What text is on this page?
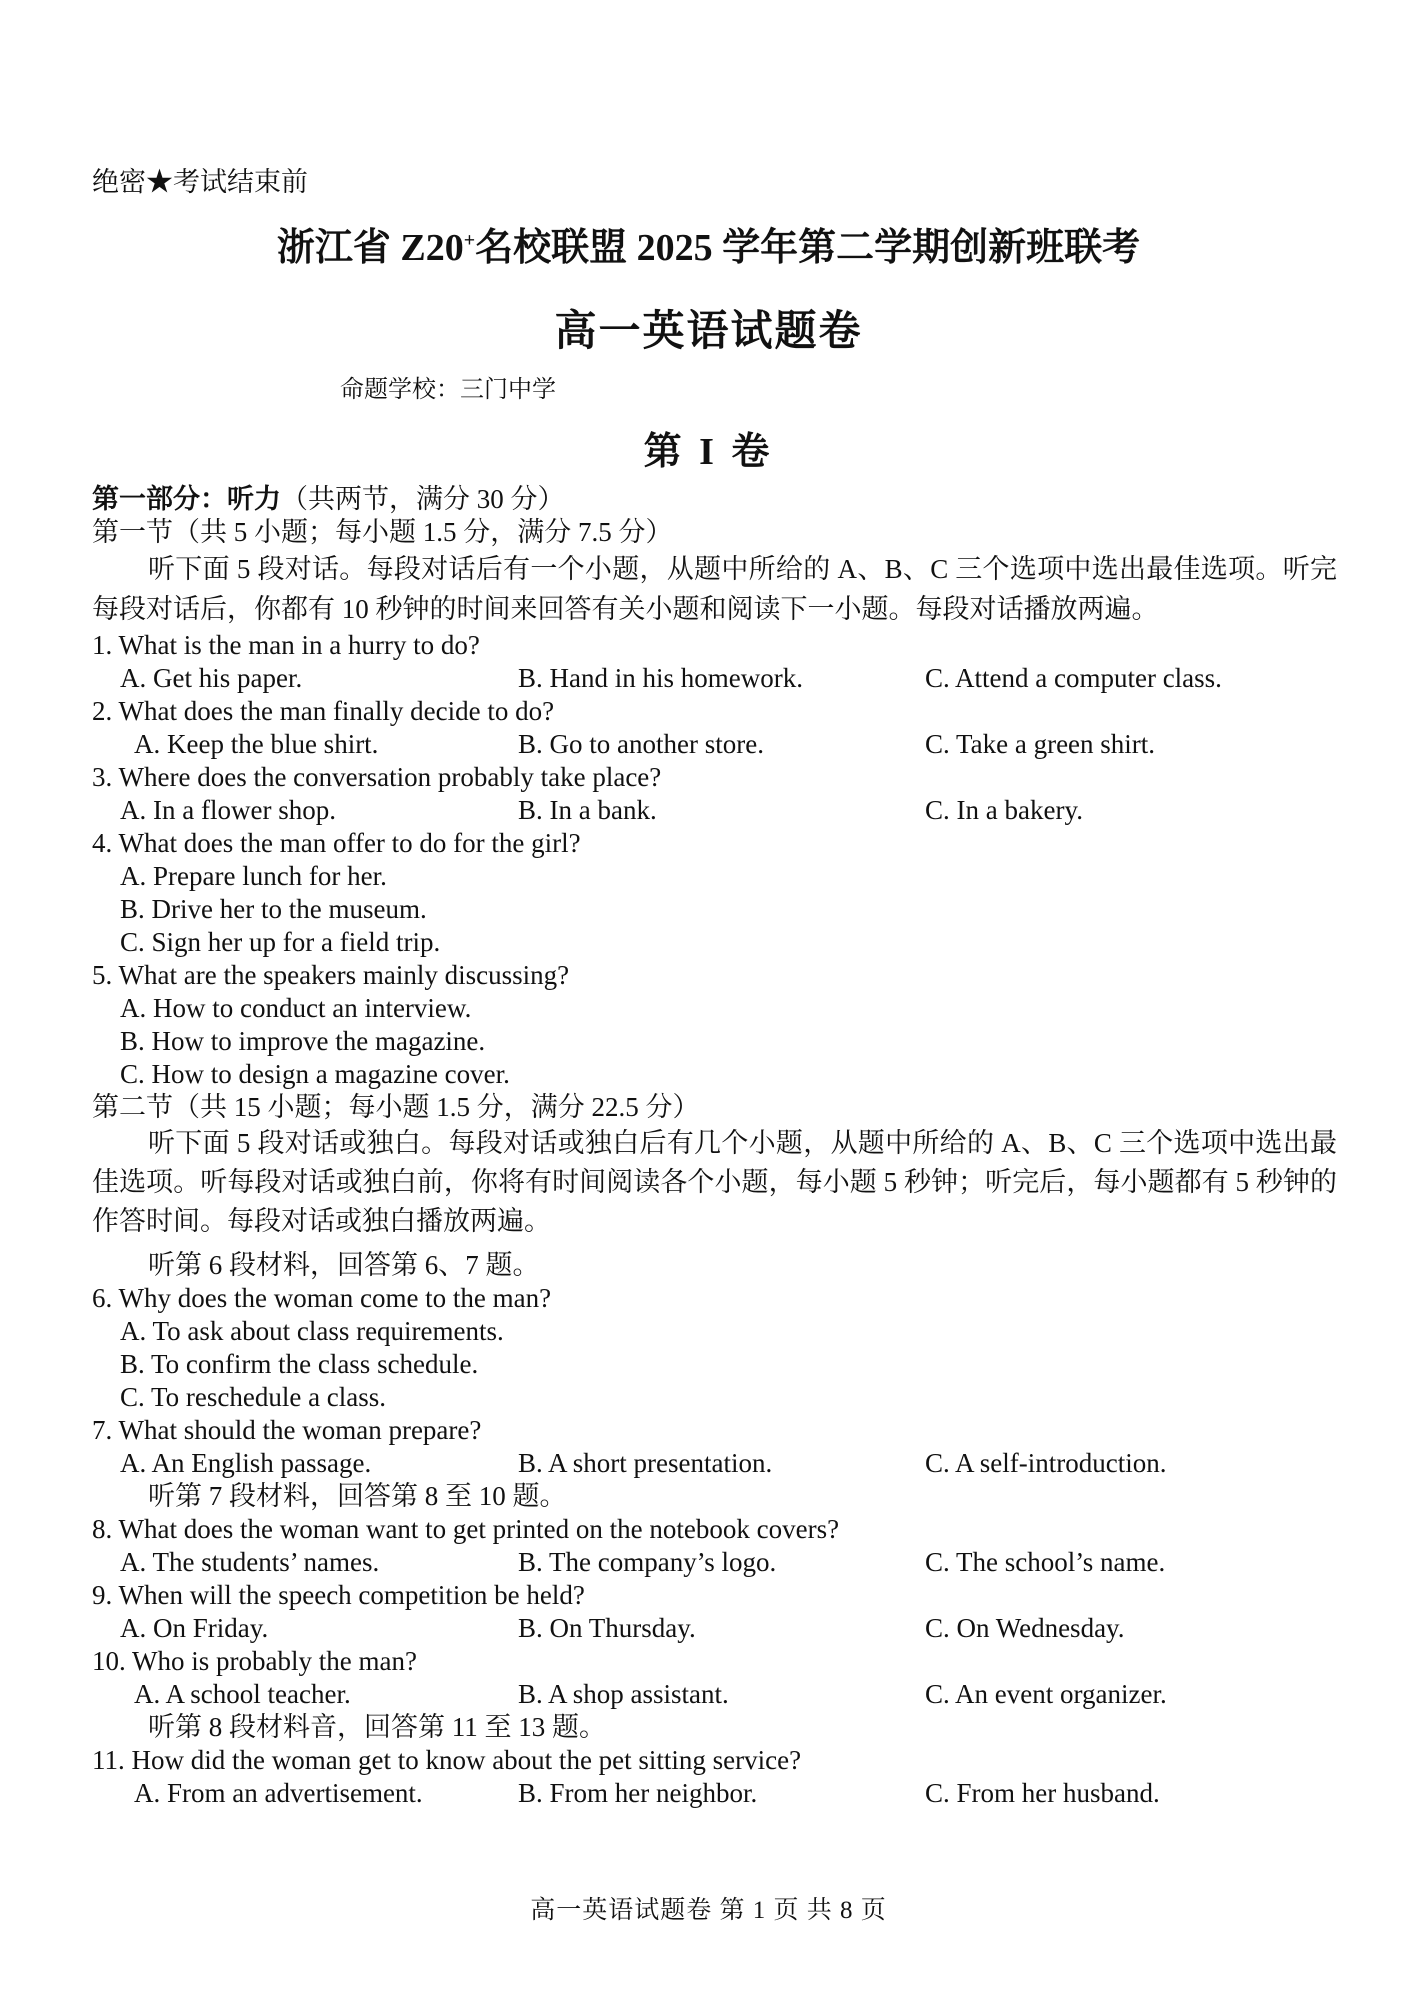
绝密★考试结束前
浙江省 Z20+名校联盟 2025 学年第二学期创新班联考
高一英语试题卷
命题学校：三门中学
第 I 卷
第一部分：听力（共两节，满分 30 分）
第一节（共 5 小题；每小题 1.5 分，满分 7.5 分）
听下面 5 段对话。每段对话后有一个小题，从题中所给的 A、B、C 三个选项中选出最佳选项。听完每段对话后，你都有 10 秒钟的时间来回答有关小题和阅读下一小题。每段对话播放两遍。
1. What is the man in a hurry to do?
A. Get his paper.	B. Hand in his homework.	C. Attend a computer class.
2. What does the man finally decide to do?
A. Keep the blue shirt.	B. Go to another store.	C. Take a green shirt.
3. Where does the conversation probably take place?
A. In a flower shop.	B. In a bank.	C. In a bakery.
4. What does the man offer to do for the girl?
A. Prepare lunch for her.
B. Drive her to the museum.
C. Sign her up for a field trip.
5. What are the speakers mainly discussing?
A. How to conduct an interview.
B. How to improve the magazine.
C. How to design a magazine cover.
第二节（共 15 小题；每小题 1.5 分，满分 22.5 分）
听下面 5 段对话或独白。每段对话或独白后有几个小题，从题中所给的 A、B、C 三个选项中选出最佳选项。听每段对话或独白前，你将有时间阅读各个小题，每小题 5 秒钟；听完后，每小题都有 5 秒钟的作答时间。每段对话或独白播放两遍。
听第 6 段材料，回答第 6、7 题。
6. Why does the woman come to the man?
A. To ask about class requirements.
B. To confirm the class schedule.
C. To reschedule a class.
7. What should the woman prepare?
A. An English passage.	B. A short presentation.	C. A self-introduction.
听第 7 段材料，回答第 8 至 10 题。
8. What does the woman want to get printed on the notebook covers?
A. The students’ names.	B. The company’s logo.	C. The school’s name.
9. When will the speech competition be held?
A. On Friday.	B. On Thursday.	C. On Wednesday.
10. Who is probably the man?
A. A school teacher.	B. A shop assistant.	C. An event organizer.
听第 8 段材料音，回答第 11 至 13 题。
11. How did the woman get to know about the pet sitting service?
A. From an advertisement.	B. From her neighbor.	C. From her husband.
高一英语试题卷 第 1 页 共 8 页
